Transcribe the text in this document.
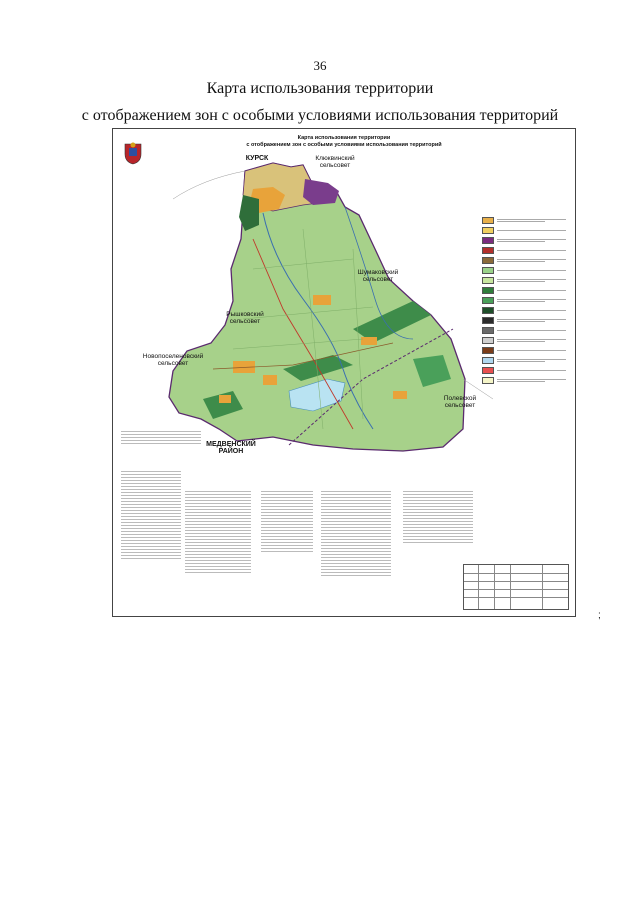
36
Карта использования территории
с отображением зон с особыми условиями использования территорий
Карта использования территории
с отображением зон с особыми условиями использования территорий
КУРСК	Клюквинский сельсовет
Шумаковский сельсовет
Рышковский сельсовет
Новопоселеновский сельсовет
Полевской сельсовет
МЕДВЕНСКИЙ РАЙОН
;
